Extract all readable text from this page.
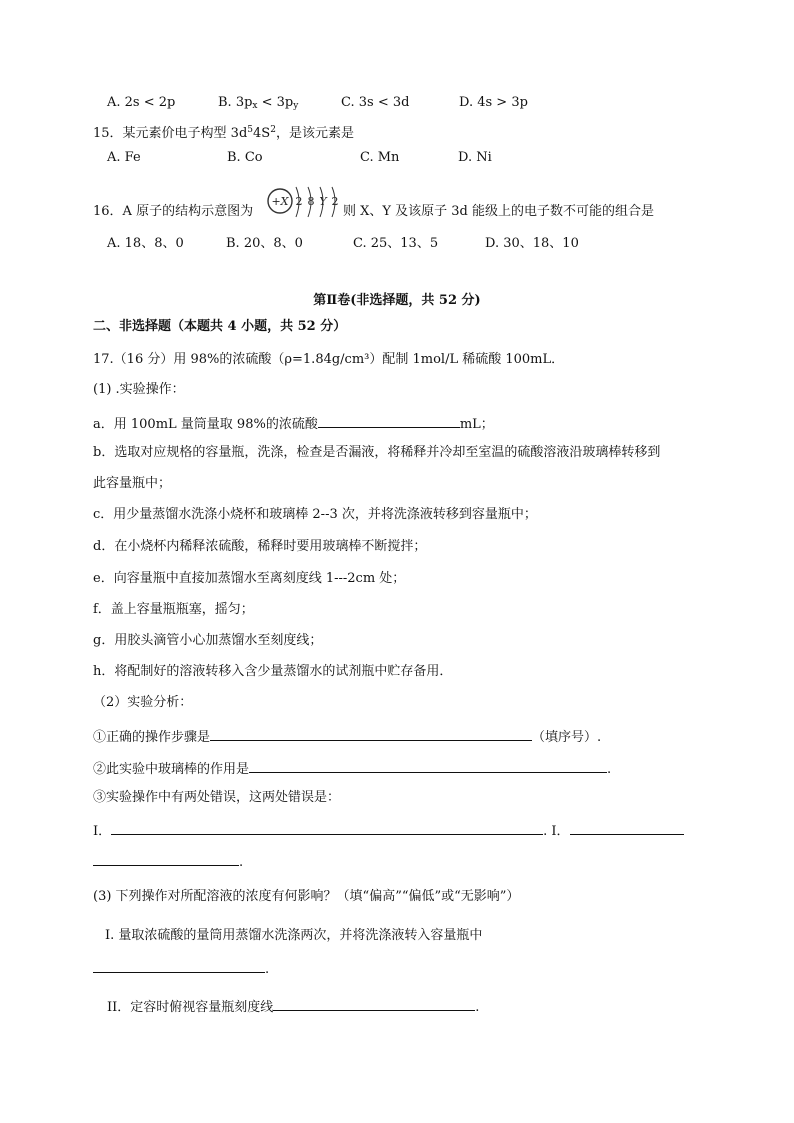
A. 2s < 2p	B. $3p_x < 3p_y$	C. 3s < 3d	D. 4s > 3p
15．某元素价电子构型 $3d^54S^2$，是该元素是
A. Fe	B. Co	C. Mn	D. Ni
16．A 原子的结构示意图为
+X 2 8 Y 2
则 X、Y 及该原子 3d 能级上的电子数不可能的组合是
A. 18、8、0	B. 20、8、0	C. 25、13、5	D. 30、18、10
第Ⅱ卷(非选择题，共 52 分)
二、非选择题（本题共 4 小题，共 52 分）
17.（16 分）用 98%的浓硫酸（ρ=1.84g/cm³）配制 1mol/L 稀硫酸 100mL．
(1) .实验操作：
a．用 100mL 量筒量取 98%的浓硫酸	mL；
b．选取对应规格的容量瓶，洗涤，检查是否漏液，将稀释并冷却至室温的硫酸溶液沿玻璃棒转移到
此容量瓶中；
c．用少量蒸馏水洗涤小烧杯和玻璃棒 2--3 次，并将洗涤液转移到容量瓶中；
d．在小烧杯内稀释浓硫酸，稀释时要用玻璃棒不断搅拌；
e．向容量瓶中直接加蒸馏水至离刻度线 1---2cm 处；
f．盖上容量瓶瓶塞，摇匀；
g．用胶头滴管小心加蒸馏水至刻度线；
h．将配制好的溶液转移入含少量蒸馏水的试剂瓶中贮存备用．
（2）实验分析：
①正确的操作步骤是	（填序号）.
②此实验中玻璃棒的作用是	.
③实验操作中有两处错误，这两处错误是：
Ⅰ．	. Ⅰ．
.
(3) 下列操作对所配溶液的浓度有何影响？（填“偏高”“偏低”或“无影响”）
I. 量取浓硫酸的量筒用蒸馏水洗涤两次，并将洗涤液转入容量瓶中
.
II．定容时俯视容量瓶刻度线	.
